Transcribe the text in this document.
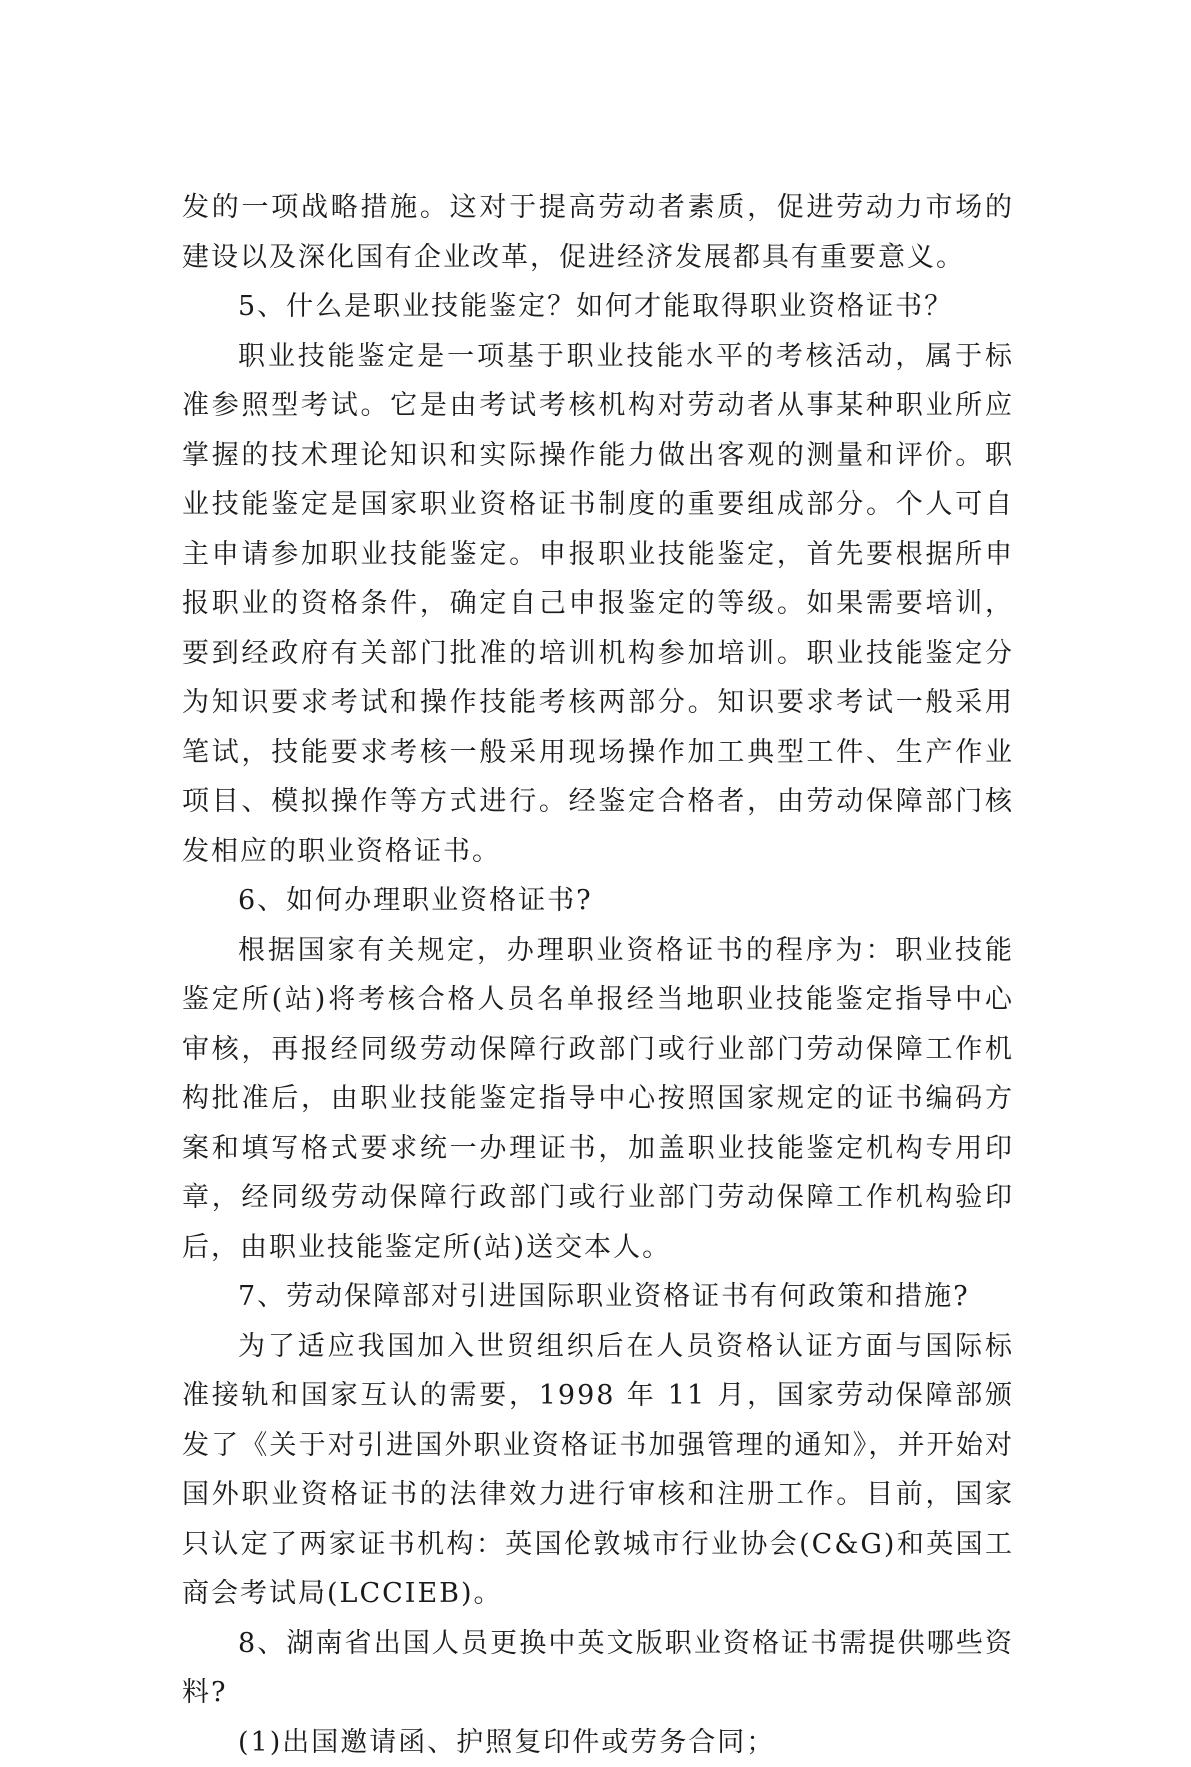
发的一项战略措施。这对于提高劳动者素质，促进劳动力市场的建设以及深化国有企业改革，促进经济发展都具有重要意义。

5、什么是职业技能鉴定？如何才能取得职业资格证书？

职业技能鉴定是一项基于职业技能水平的考核活动，属于标准参照型考试。它是由考试考核机构对劳动者从事某种职业所应掌握的技术理论知识和实际操作能力做出客观的测量和评价。职业技能鉴定是国家职业资格证书制度的重要组成部分。个人可自主申请参加职业技能鉴定。申报职业技能鉴定，首先要根据所申报职业的资格条件，确定自己申报鉴定的等级。如果需要培训，要到经政府有关部门批准的培训机构参加培训。职业技能鉴定分为知识要求考试和操作技能考核两部分。知识要求考试一般采用笔试，技能要求考核一般采用现场操作加工典型工件、生产作业项目、模拟操作等方式进行。经鉴定合格者，由劳动保障部门核发相应的职业资格证书。

6、如何办理职业资格证书?

根据国家有关规定，办理职业资格证书的程序为：职业技能鉴定所(站)将考核合格人员名单报经当地职业技能鉴定指导中心审核，再报经同级劳动保障行政部门或行业部门劳动保障工作机构批准后，由职业技能鉴定指导中心按照国家规定的证书编码方案和填写格式要求统一办理证书，加盖职业技能鉴定机构专用印章，经同级劳动保障行政部门或行业部门劳动保障工作机构验印后，由职业技能鉴定所(站)送交本人。

7、劳动保障部对引进国际职业资格证书有何政策和措施?

为了适应我国加入世贸组织后在人员资格认证方面与国际标准接轨和国家互认的需要，1998 年 11 月，国家劳动保障部颁发了《关于对引进国外职业资格证书加强管理的通知》，并开始对国外职业资格证书的法律效力进行审核和注册工作。目前，国家只认定了两家证书机构：英国伦敦城市行业协会(C&G)和英国工商会考试局(LCCIEB)。

8、湖南省出国人员更换中英文版职业资格证书需提供哪些资料?

(1)出国邀请函、护照复印件或劳务合同；
